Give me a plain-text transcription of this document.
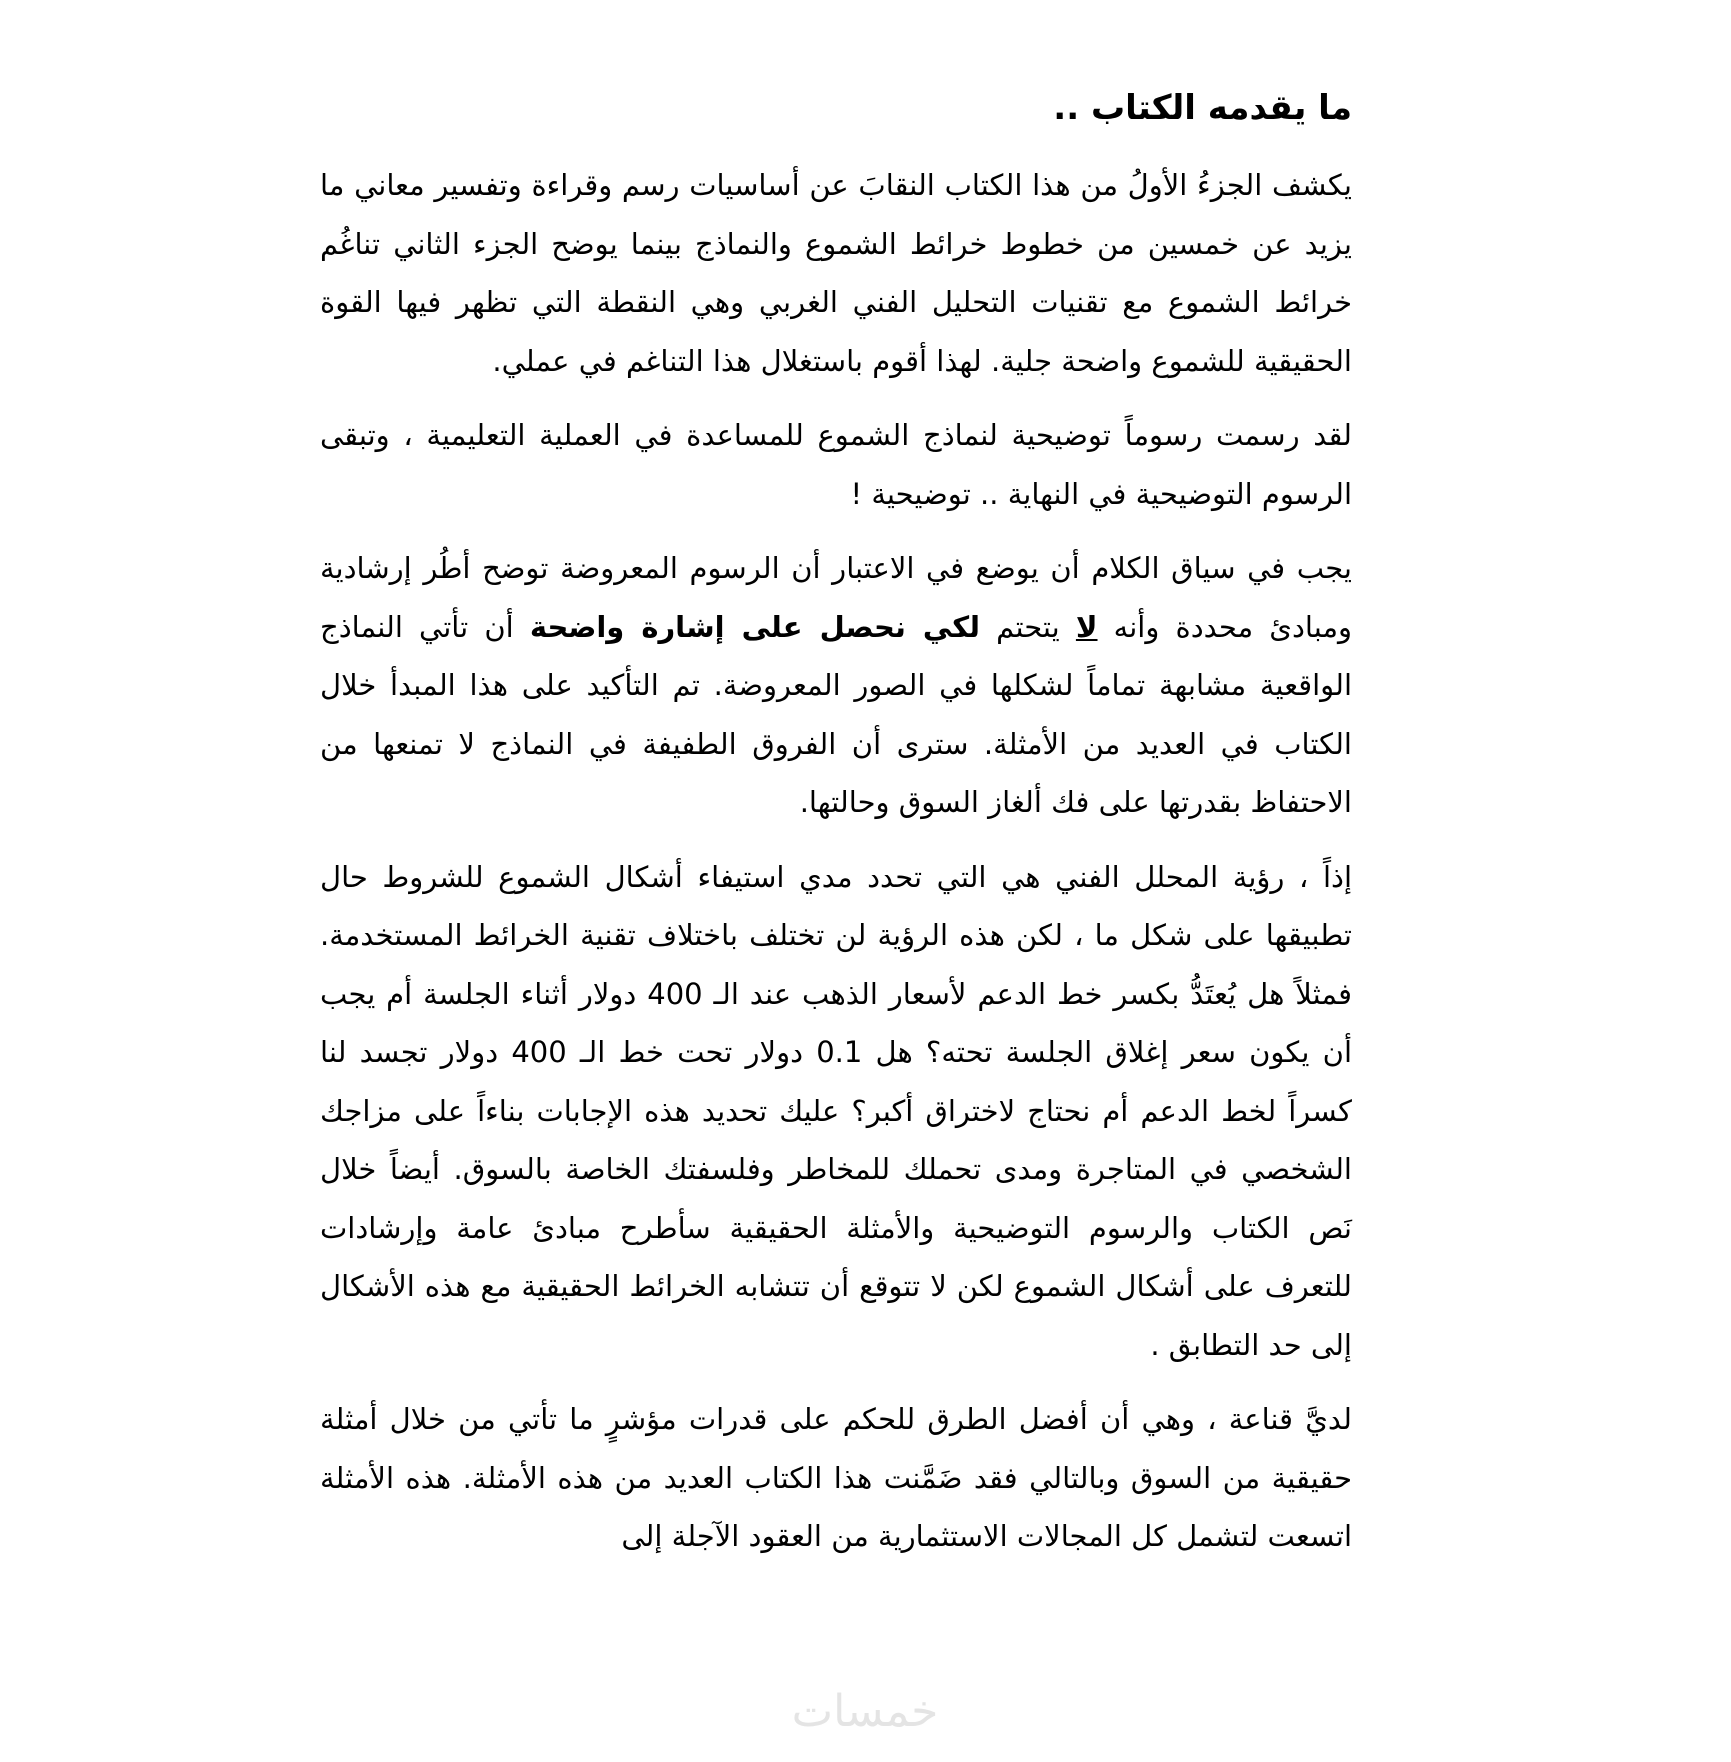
ما يقدمه الكتاب ..

يكشف الجزءُ الأولُ من هذا الكتاب النقابَ عن أساسيات رسم وقراءة وتفسير معاني ما يزيد عن خمسين من خطوط خرائط الشموع والنماذج بينما يوضح الجزء الثاني تناغُم خرائط الشموع مع تقنيات التحليل الفني الغربي وهي النقطة التي تظهر فيها القوة الحقيقية للشموع واضحة جلية. لهذا أقوم باستغلال هذا التناغم في عملي.

لقد رسمت رسوماً توضيحية لنماذج الشموع للمساعدة في العملية التعليمية ، وتبقى الرسوم التوضيحية في النهاية .. توضيحية !

يجب في سياق الكلام أن يوضع في الاعتبار أن الرسوم المعروضة توضح أطُر إرشادية ومبادئ محددة وأنه لا يتحتم لكي نحصل على إشارة واضحة أن تأتي النماذج الواقعية مشابهة تماماً لشكلها في الصور المعروضة. تم التأكيد على هذا المبدأ خلال الكتاب في العديد من الأمثلة. سترى أن الفروق الطفيفة في النماذج لا تمنعها من الاحتفاظ بقدرتها على فك ألغاز السوق وحالتها.

إذاً ، رؤية المحلل الفني هي التي تحدد مدي استيفاء أشكال الشموع للشروط حال تطبيقها على شكل ما ، لكن هذه الرؤية لن تختلف باختلاف تقنية الخرائط المستخدمة. فمثلاً هل يُعتَدُّ بكسر خط الدعم لأسعار الذهب عند الـ 400 دولار أثناء الجلسة أم يجب أن يكون سعر إغلاق الجلسة تحته؟ هل 0.1 دولار تحت خط الـ 400 دولار تجسد لنا كسراً لخط الدعم أم نحتاج لاختراق أكبر؟ عليك تحديد هذه الإجابات بناءاً على مزاجك الشخصي في المتاجرة ومدى تحملك للمخاطر وفلسفتك الخاصة بالسوق. أيضاً خلال نَص الكتاب والرسوم التوضيحية والأمثلة الحقيقية سأطرح مبادئ عامة وإرشادات للتعرف على أشكال الشموع لكن لا تتوقع أن تتشابه الخرائط الحقيقية مع هذه الأشكال إلى حد التطابق .

لديَّ قناعة ، وهي أن أفضل الطرق للحكم على قدرات مؤشرٍ ما تأتي من خلال أمثلة حقيقية من السوق وبالتالي فقد ضَمَّنت هذا الكتاب العديد من هذه الأمثلة. هذه الأمثلة اتسعت لتشمل كل المجالات الاستثمارية من العقود الآجلة إلى

خمسات
